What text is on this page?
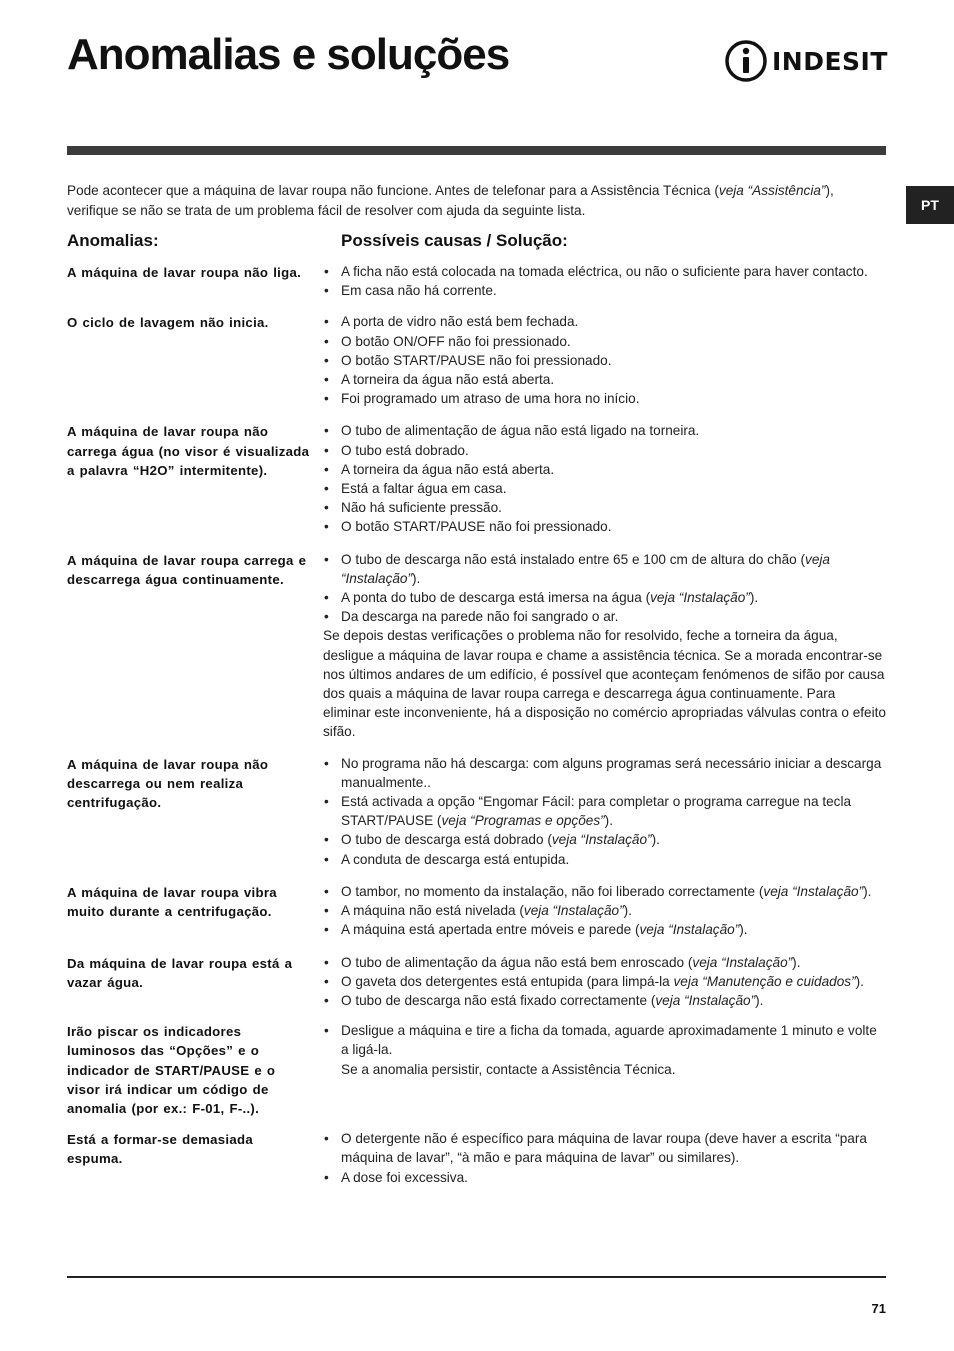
Anomalias e soluções	INDESIT
PT
Pode acontecer que a máquina de lavar roupa não funcione. Antes de telefonar para a Assistência Técnica (veja “Assistência”), verifique se não se trata de um problema fácil de resolver com ajuda da seguinte lista.
Anomalias:	Possíveis causas / Solução:
A máquina de lavar roupa não liga.	• A ficha não está colocada na tomada eléctrica, ou não o suficiente para haver contacto.
• Em casa não há corrente.
O ciclo de lavagem não inicia.	• A porta de vidro não está bem fechada.
• O botão ON/OFF não foi pressionado.
• O botão START/PAUSE não foi pressionado.
• A torneira da água não está aberta.
• Foi programado um atraso de uma hora no início.
A máquina de lavar roupa não carrega água (no visor é visualizada a palavra “H2O” intermitente).
• O tubo de alimentação de água não está ligado na torneira.
• O tubo está dobrado.
• A torneira da água não está aberta.
• Está a faltar água em casa.
• Não há suficiente pressão.
• O botão START/PAUSE não foi pressionado.
A máquina de lavar roupa carrega e descarrega água continuamente.
• O tubo de descarga não está instalado entre 65 e 100 cm de altura do chão (veja “Instalação”).
• A ponta do tubo de descarga está imersa na água (veja “Instalação”).
• Da descarga na parede não foi sangrado o ar.

Se depois destas verificações o problema não for resolvido, feche a torneira da água, desligue a máquina de lavar roupa e chame a assistência técnica. Se a morada encontrar-se nos últimos andares de um edifício, é possível que aconteçam fenómenos de sifão por causa dos quais a máquina de lavar roupa carrega e descarrega água continuamente. Para eliminar este inconveniente, há a disposição no comércio apropriadas válvulas contra o efeito sifão.

A máquina de lavar roupa não descarrega ou nem realiza centrifugação.
• No programa não há descarga: com alguns programas será necessário iniciar a descarga manualmente..
• Está activada a opção “Engomar Fácil: para completar o programa carregue na tecla START/PAUSE (veja “Programas e opções”).
• O tubo de descarga está dobrado (veja “Instalação”).
• A conduta de descarga está entupida.
A máquina de lavar roupa vibra muito durante a centrifugação.
• O tambor, no momento da instalação, não foi liberado correctamente (veja “Instalação”).
• A máquina não está nivelada (veja “Instalação”).
• A máquina está apertada entre móveis e parede (veja “Instalação”).
Da máquina de lavar roupa está a vazar água.
• O tubo de alimentação da água não está bem enroscado (veja “Instalação”).
• O gaveta dos detergentes está entupida (para limpá-la veja “Manutenção e cuidados”).
• O tubo de descarga não está fixado correctamente (veja “Instalação”).
Irão piscar os indicadores luminosos das “Opções” e o indicador de START/PAUSE e o visor irá indicar um código de anomalia (por ex.: F-01, F-..).
• Desligue a máquina e tire a ficha da tomada, aguarde aproximadamente 1 minuto e volte a ligá-la.

Se a anomalia persistir, contacte a Assistência Técnica.

Está a formar-se demasiada espuma.
• O detergente não é específico para máquina de lavar roupa (deve haver a escrita “para máquina de lavar”, “à mão e para máquina de lavar” ou similares).
• A dose foi excessiva.
71
